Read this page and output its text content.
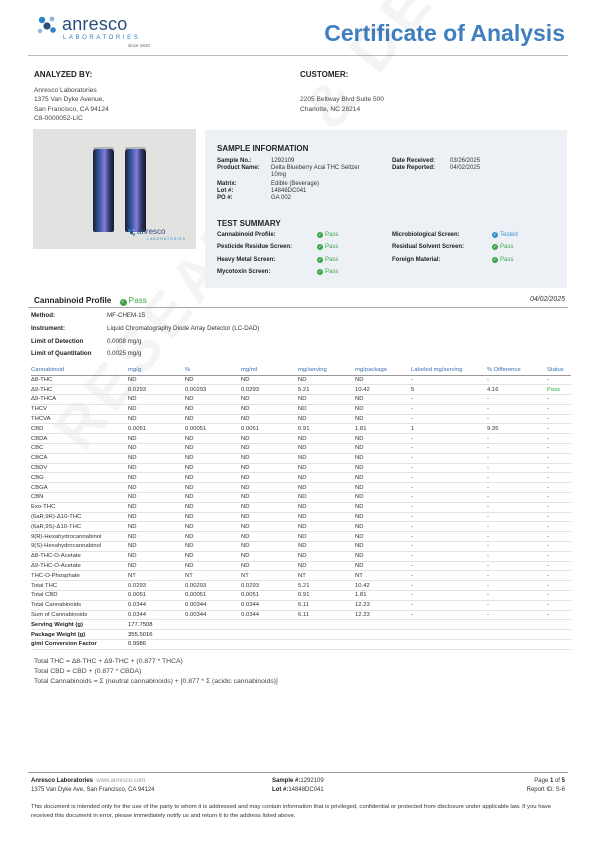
anresco
LABORATORIES
since 1943	Certificate of Analysis
ANALYZED BY:
Anresco Laboratories
1375 Van Dyke Avenue,
San Francisco, CA 94124
C8-0000052-LIC
CUSTOMER:
2205 Beltway Blvd Suite 500
Charlotte, NC 28214
anresco
LABORATORIES
SAMPLE INFORMATION
Sample No.:	1292109
Product Name:	Delta Blueberry Acai THC Seltzer 10mg
Matrix:	Edible (Beverage)
Lot #:	14848DC041
PO #:	GA 002
Date Received: 03/26/2025
Date Reported: 04/02/2025
TEST SUMMARY
Cannabinoid Profile:	✓ Pass
Pesticide Residue Screen:	✓ Pass
Heavy Metal Screen:	✓ Pass
Mycotoxin Screen:	✓ Pass
Microbiological Screen:	✓ Tested
Residual Solvent Screen:	✓ Pass
Foreign Material:	✓ Pass
Cannabinoid Profile ✓ Pass	04/02/2025
Method:	MF-CHEM-15
Instrument:	Liquid Chromatography Diode Array Detector (LC-DAD)
Limit of Detection	0.0008 mg/g
Limit of Quantitation	0.0025 mg/g
Cannabinoid	mg/g	%	mg/ml	mg/serving	mg/package	Labeled mg/serving	% Difference	Status
Δ8-THC	ND	ND	ND	ND	ND	-	-	-
Δ9-THC	0.0293	0.00293	0.0293	5.21	10.42	5	4.16	Pass
Δ9-THCA	ND	ND	ND	ND	ND	-	-	-
THCV	ND	ND	ND	ND	ND	-	-	-
THCVA	ND	ND	ND	ND	ND	-	-	-
CBD	0.0051	0.00051	0.0051	0.91	1.81	1	9.35	-
CBDA	ND	ND	ND	ND	ND	-	-	-
CBC	ND	ND	ND	ND	ND	-	-	-
CBCA	ND	ND	ND	ND	ND	-	-	-
CBDV	ND	ND	ND	ND	ND	-	-	-
CBG	ND	ND	ND	ND	ND	-	-	-
CBGA	ND	ND	ND	ND	ND	-	-	-
CBN	ND	ND	ND	ND	ND	-	-	-
Exo-THC	ND	ND	ND	ND	ND	-	-	-
(6aR,9R)-Δ10-THC	ND	ND	ND	ND	ND	-	-	-
(6aR,9S)-Δ10-THC	ND	ND	ND	ND	ND	-	-	-
9(R)-Hexahydrocannabinol	ND	ND	ND	ND	ND	-	-	-
9(S)-Hexahydrocannabinol	ND	ND	ND	ND	ND	-	-	-
Δ8-THC-O-Acetate	ND	ND	ND	ND	ND	-	-	-
Δ9-THC-O-Acetate	ND	ND	ND	ND	ND	-	-	-
THC-O-Phosphate	NT	NT	NT	NT	NT	-	-	-
Total THC	0.0293	0.00293	0.0293	5.21	10.42	-	-	-
Total CBD	0.0051	0.00051	0.0051	0.91	1.81	-	-	-
Total Cannabinoids	0.0344	0.00344	0.0344	6.11	12.23	-	-	-
Sum of Cannabinoids	0.0344	0.00344	0.0344	6.11	12.23	-	-	-
Serving Weight (g)	177.7508							
Package Weight (g)	355.5016							
g/ml Conversion Factor	0.9986							
Total THC = Δ8-THC + Δ9-THC + (0.877 * THCA)
Total CBD = CBD + (0.877 * CBDA)
Total Cannabinoids = Σ (neutral cannabinoids) + [0.877 * Σ (acidic cannabinoids)]
Anresco Laboratories www.anresco.com
1375 Van Dyke Ave, San Francisco, CA 94124
Sample #:1292109
Lot #:14848DC041
Page 1 of 5
Report ID: S-6
This document is intended only for the use of the party to whom it is addressed and may contain information that is privileged, confidential or protected from disclosure under applicable law. If you have received this document in error, please immediately notify us and return it to the address listed above.
